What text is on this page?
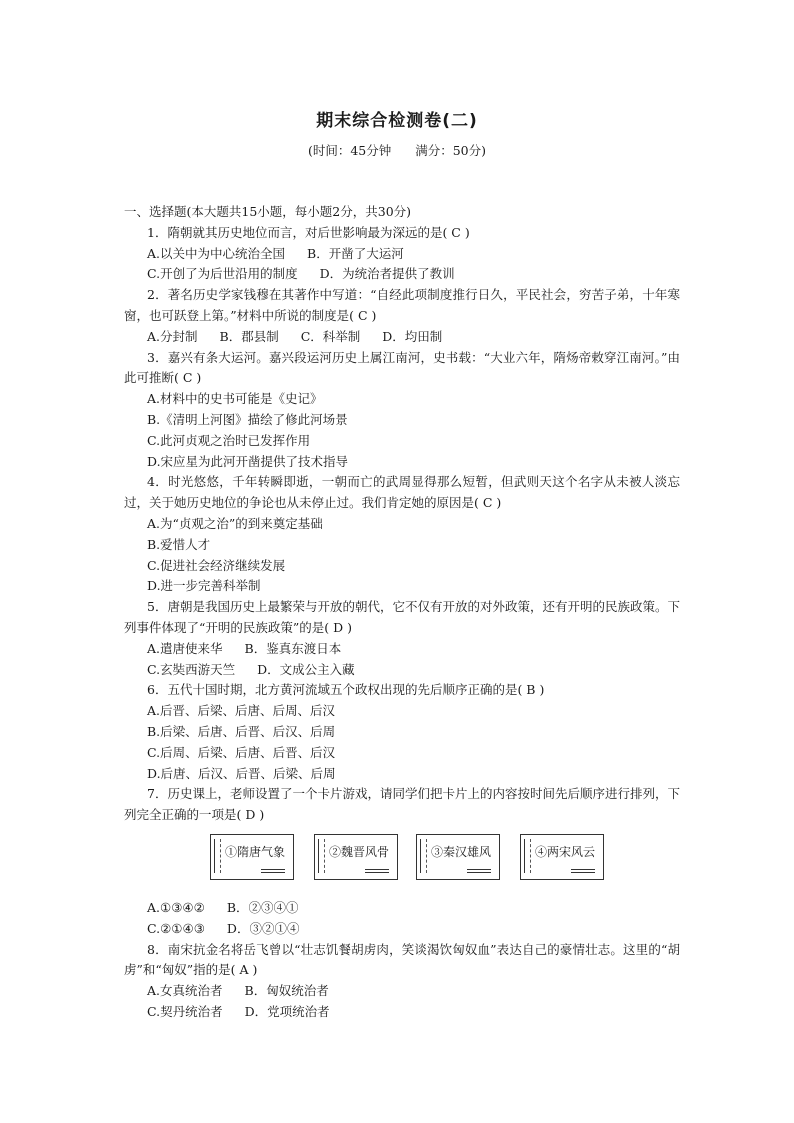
期末综合检测卷(二)
(时间：45分钟 满分：50分)
一、选择题(本大题共15小题，每小题2分，共30分)
1．隋朝就其历史地位而言，对后世影响最为深远的是( C )
A.以关中为中心统治全国 B．开凿了大运河
C.开创了为后世沿用的制度 D．为统治者提供了教训
2．著名历史学家钱穆在其著作中写道：“自经此项制度推行日久，平民社会，穷苦子弟，十年寒窗，也可跃登上第。”材料中所说的制度是( C )
A.分封制 B．郡县制 C．科举制 D．均田制
3．嘉兴有条大运河。嘉兴段运河历史上属江南河，史书载：“大业六年，隋炀帝敕穿江南河。”由此可推断( C )
A.材料中的史书可能是《史记》
B.《清明上河图》描绘了修此河场景
C.此河贞观之治时已发挥作用
D.宋应星为此河开凿提供了技术指导
4．时光悠悠，千年转瞬即逝，一朝而亡的武周显得那么短暂，但武则天这个名字从未被人淡忘过，关于她历史地位的争论也从未停止过。我们肯定她的原因是( C )
A.为“贞观之治”的到来奠定基础
B.爱惜人才
C.促进社会经济继续发展
D.进一步完善科举制
5．唐朝是我国历史上最繁荣与开放的朝代，它不仅有开放的对外政策，还有开明的民族政策。下列事件体现了“开明的民族政策”的是( D )
A.遣唐使来华 B．鉴真东渡日本
C.玄奘西游天竺 D．文成公主入藏
6．五代十国时期，北方黄河流域五个政权出现的先后顺序正确的是( B )
A.后晋、后梁、后唐、后周、后汉
B.后梁、后唐、后晋、后汉、后周
C.后周、后梁、后唐、后晋、后汉
D.后唐、后汉、后晋、后梁、后周
7．历史课上，老师设置了一个卡片游戏，请同学们把卡片上的内容按时间先后顺序进行排列，下列完全正确的一项是( D )
①隋唐气象	②魏晋风骨	③秦汉雄风	④两宋风云
A.①③④② B．②③④①
C.②①④③ D．③②①④
8．南宋抗金名将岳飞曾以“壮志饥餐胡虏肉，笑谈渴饮匈奴血”表达自己的豪情壮志。这里的“胡虏”和“匈奴”指的是( A )
A.女真统治者 B．匈奴统治者
C.契丹统治者 D．党项统治者
